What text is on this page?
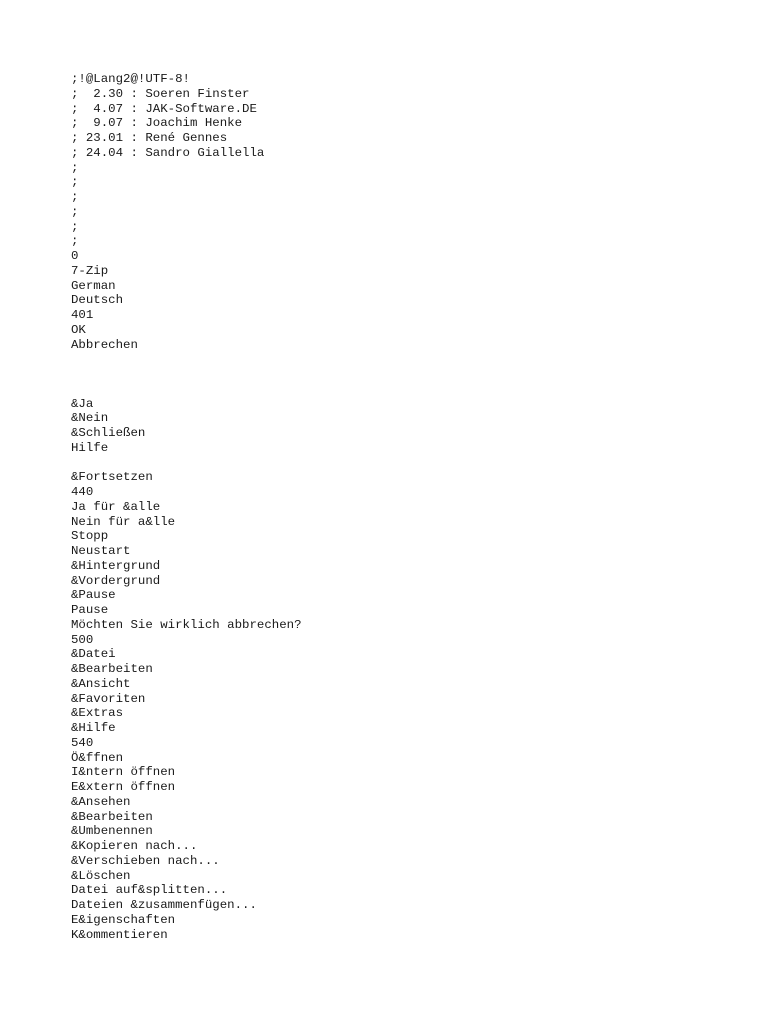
;!@Lang2@!UTF-8!
;  2.30 : Soeren Finster
;  4.07 : JAK-Software.DE
;  9.07 : Joachim Henke
; 23.01 : René Gennes
; 24.04 : Sandro Giallella
;
;
;
;
;
;
0
7-Zip
German
Deutsch
401
OK
Abbrechen
&Ja
&Nein
&Schließen
Hilfe
&Fortsetzen
440
Ja für &alle
Nein für a&lle
Stopp
Neustart
&Hintergrund
&Vordergrund
&Pause
Pause
Möchten Sie wirklich abbrechen?
500
&Datei
&Bearbeiten
&Ansicht
&Favoriten
&Extras
&Hilfe
540
Ö&ffnen
I&ntern öffnen
E&xtern öffnen
&Ansehen
&Bearbeiten
&Umbenennen
&Kopieren nach...
&Verschieben nach...
&Löschen
Datei auf&splitten...
Dateien &zusammenfügen...
E&igenschaften
K&ommentieren
